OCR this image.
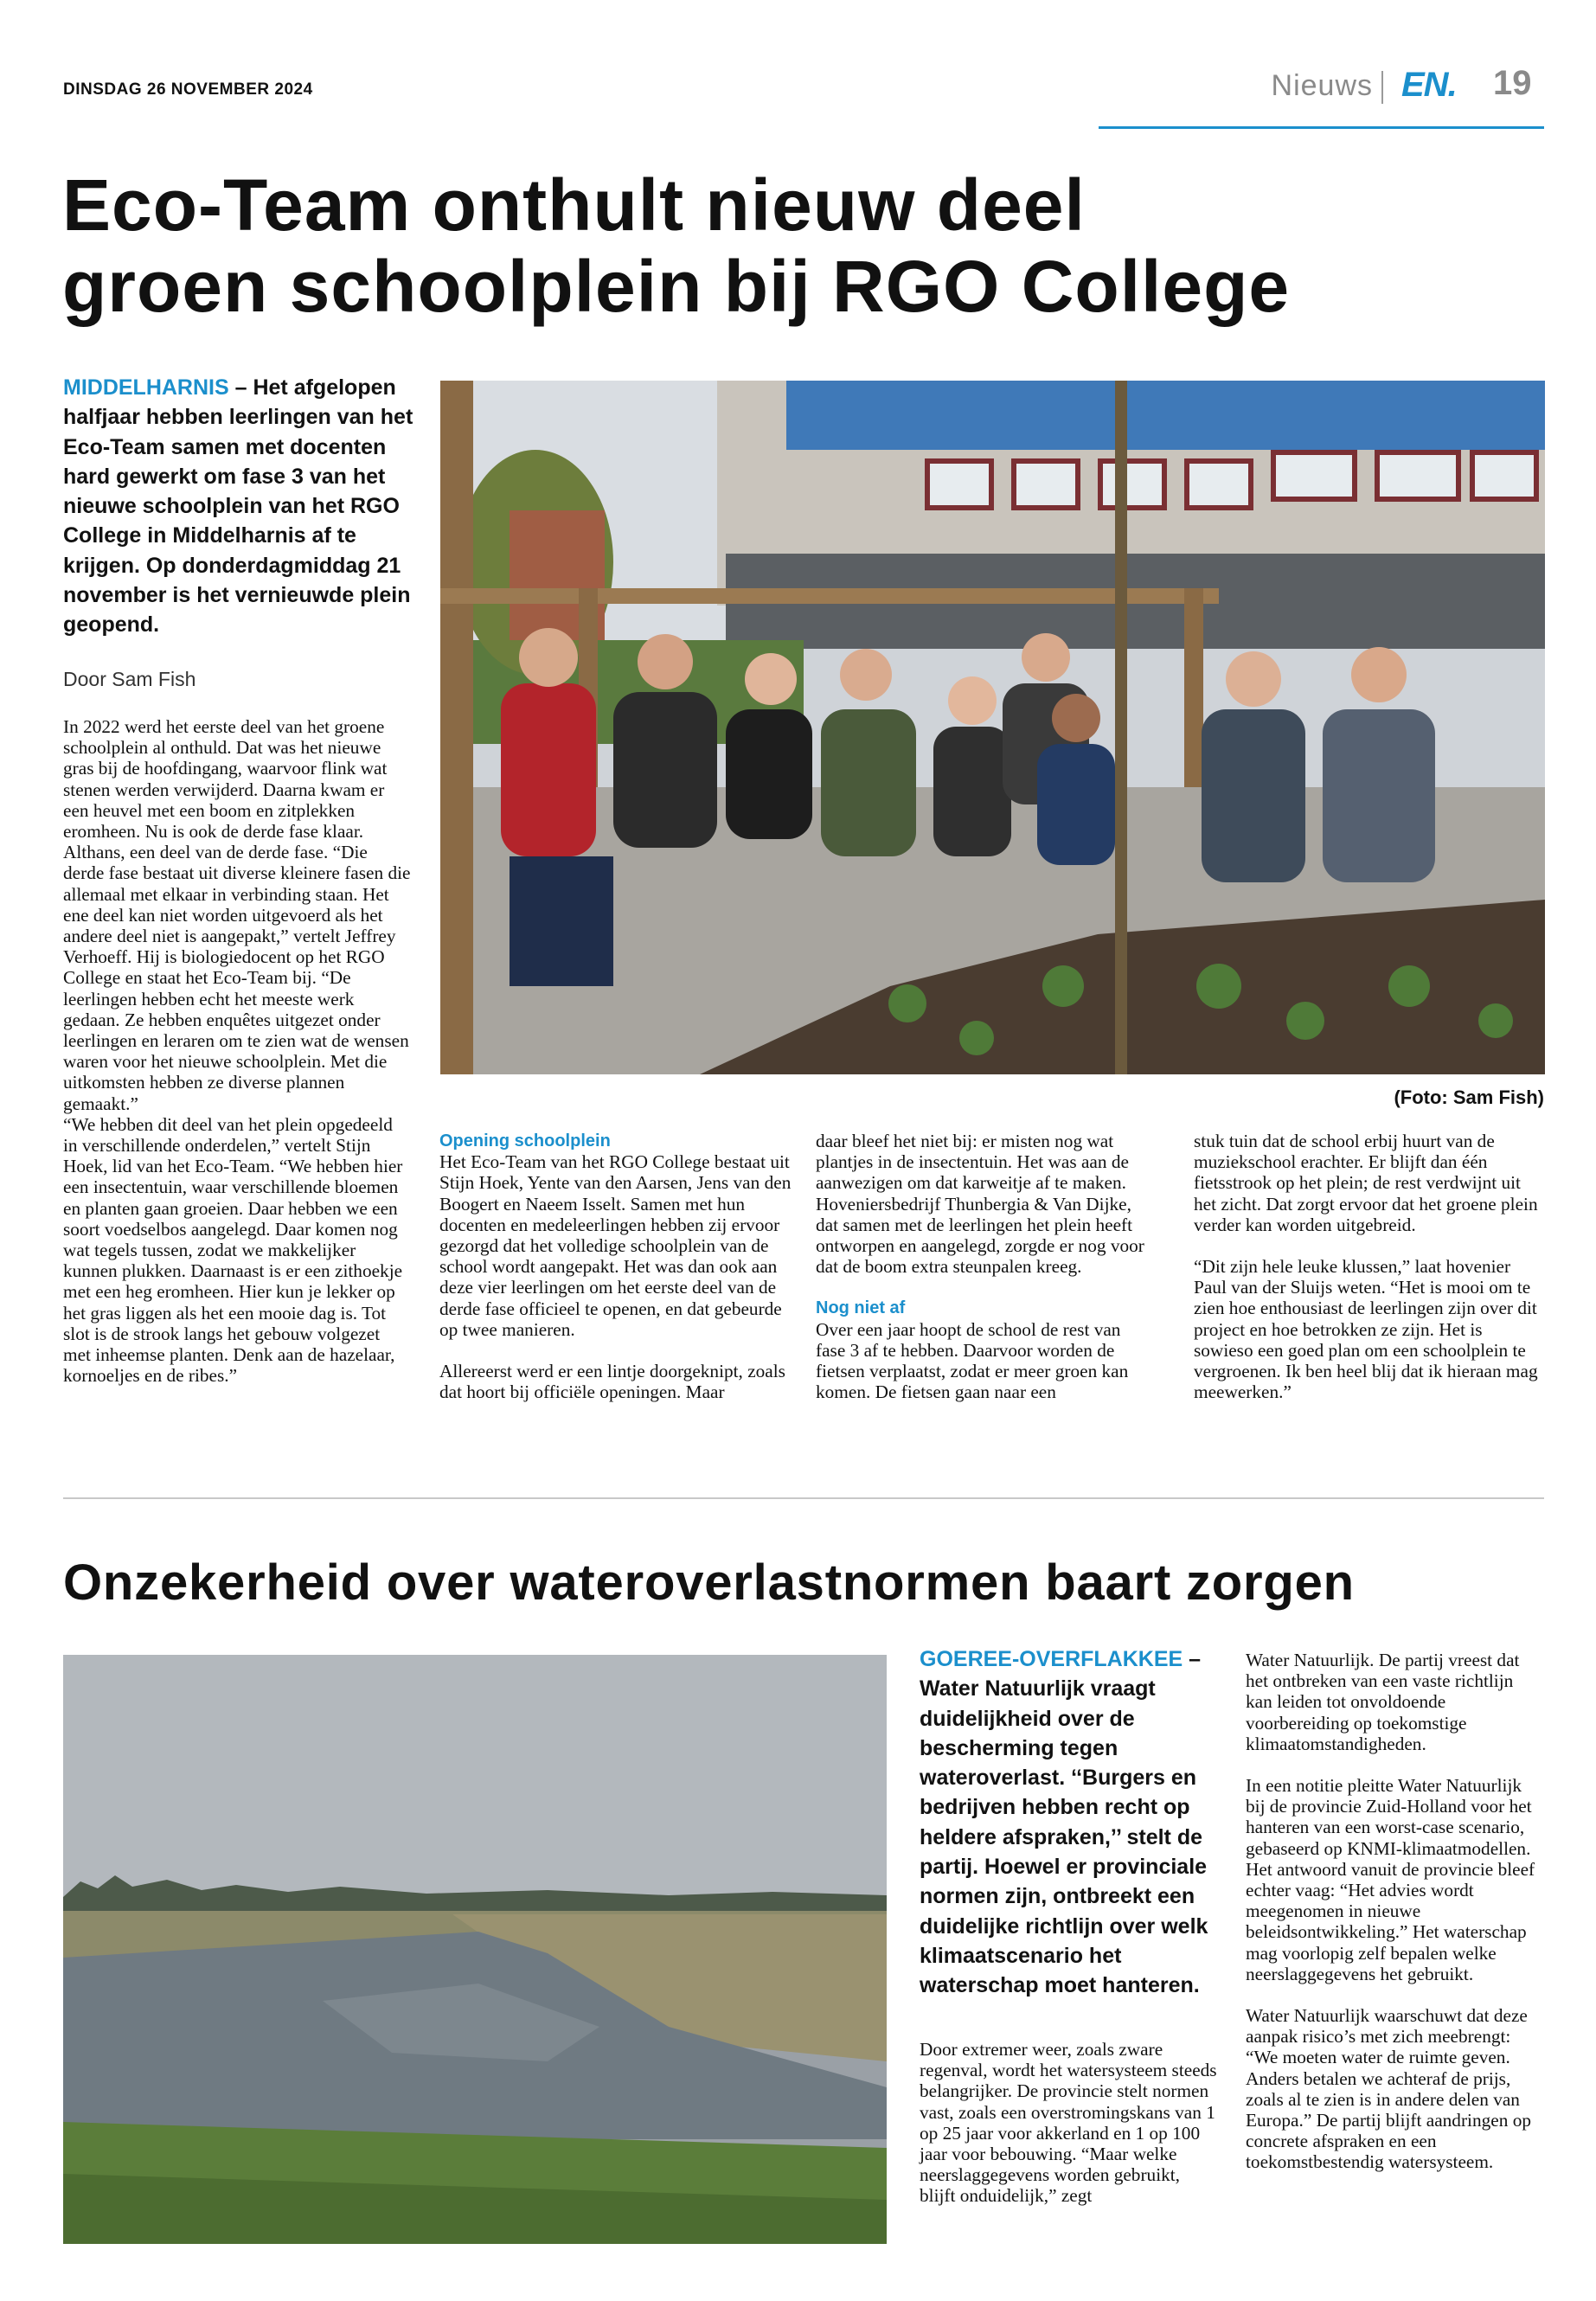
DINSDAG 26 NOVEMBER 2024	Nieuws EN. 19
Eco-Team onthult nieuw deel
groen schoolplein bij RGO College

MIDDELHARNIS – Het afgelopen halfjaar hebben leerlingen van het Eco-Team samen met docenten hard gewerkt om fase 3 van het nieuwe schoolplein van het RGO College in Middelharnis af te krijgen. Op donderdagmiddag 21 november is het vernieuwde plein geopend.

Door Sam Fish

In 2022 werd het eerste deel van het groene schoolplein al onthuld. Dat was het nieuwe gras bij de hoofdingang, waarvoor flink wat stenen werden verwijderd. Daarna kwam er een heuvel met een boom en zitplekken eromheen. Nu is ook de derde fase klaar. Althans, een deel van de derde fase. “Die derde fase bestaat uit diverse kleinere fasen die allemaal met elkaar in verbinding staan. Het ene deel kan niet worden uitgevoerd als het andere deel niet is aangepakt,” vertelt Jeffrey Verhoeff. Hij is biologiedocent op het RGO College en staat het Eco-Team bij. “De leerlingen hebben echt het meeste werk gedaan. Ze hebben enquêtes uitgezet onder leerlingen en leraren om te zien wat de wensen waren voor het nieuwe schoolplein. Met die uitkomsten hebben ze diverse plannen gemaakt.”

“We hebben dit deel van het plein opgedeeld in verschillende onderdelen,” vertelt Stijn Hoek, lid van het Eco-Team. “We hebben hier een insectentuin, waar verschillende bloemen en planten gaan groeien. Daar hebben we een soort voedselbos aangelegd. Daar komen nog wat tegels tussen, zodat we makkelijker kunnen plukken. Daarnaast is er een zithoekje met een heg eromheen. Hier kun je lekker op het gras liggen als het een mooie dag is. Tot slot is de strook langs het gebouw volgezet met inheemse planten. Denk aan de hazelaar, kornoeljes en de ribes.”

(Foto: Sam Fish)
Opening schoolplein

Het Eco-Team van het RGO College bestaat uit Stijn Hoek, Yente van den Aarsen, Jens van den Boogert en Naeem Isselt. Samen met hun docenten en medeleerlingen hebben zij ervoor gezorgd dat het volledige schoolplein van de school wordt aangepakt. Het was dan ook aan deze vier leerlingen om het eerste deel van de derde fase officieel te openen, en dat gebeurde op twee manieren.

Allereerst werd er een lintje doorgeknipt, zoals dat hoort bij officiële openingen. Maar

daar bleef het niet bij: er misten nog wat plantjes in de insectentuin. Het was aan de aanwezigen om dat karweitje af te maken. Hoveniersbedrijf Thunbergia & Van Dijke, dat samen met de leerlingen het plein heeft ontworpen en aangelegd, zorgde er nog voor dat de boom extra steunpalen kreeg.

Nog niet af

Over een jaar hoopt de school de rest van fase 3 af te hebben. Daarvoor worden de fietsen verplaatst, zodat er meer groen kan komen. De fietsen gaan naar een

stuk tuin dat de school erbij huurt van de muziekschool erachter. Er blijft dan één fietsstrook op het plein; de rest verdwijnt uit het zicht. Dat zorgt ervoor dat het groene plein verder kan worden uitgebreid.

“Dit zijn hele leuke klussen,” laat hovenier Paul van der Sluijs weten. “Het is mooi om te zien hoe enthousiast de leerlingen zijn over dit project en hoe betrokken ze zijn. Het is sowieso een goed plan om een schoolplein te vergroenen. Ik ben heel blij dat ik hieraan mag meewerken.”

Onzekerheid over wateroverlastnormen baart zorgen

GOEREE-OVERFLAKKEE – Water Natuurlijk vraagt duidelijkheid over de bescherming tegen wateroverlast. ‘‘Burgers en bedrijven hebben recht op heldere afspraken,’’ stelt de partij. Hoewel er provinciale normen zijn, ontbreekt een duidelijke richtlijn over welk klimaatscenario het waterschap moet hanteren.

Door extremer weer, zoals zware regenval, wordt het watersysteem steeds belangrijker. De provincie stelt normen vast, zoals een overstromingskans van 1 op 25 jaar voor akkerland en 1 op 100 jaar voor bebouwing. “Maar welke neerslaggegevens worden gebruikt, blijft onduidelijk,” zegt

Water Natuurlijk. De partij vreest dat het ontbreken van een vaste richtlijn kan leiden tot onvoldoende voorbereiding op toekomstige klimaatomstandigheden.

In een notitie pleitte Water Natuurlijk bij de provincie Zuid-Holland voor het hanteren van een worst-case scenario, gebaseerd op KNMI-klimaatmodellen. Het antwoord vanuit de provincie bleef echter vaag: “Het advies wordt meegenomen in nieuwe beleidsontwikkeling.” Het waterschap mag voorlopig zelf bepalen welke neerslaggegevens het gebruikt.

Water Natuurlijk waarschuwt dat deze aanpak risico’s met zich meebrengt: “We moeten water de ruimte geven. Anders betalen we achteraf de prijs, zoals al te zien is in andere delen van Europa.” De partij blijft aandringen op concrete afspraken en een toekomstbestendig watersysteem.
